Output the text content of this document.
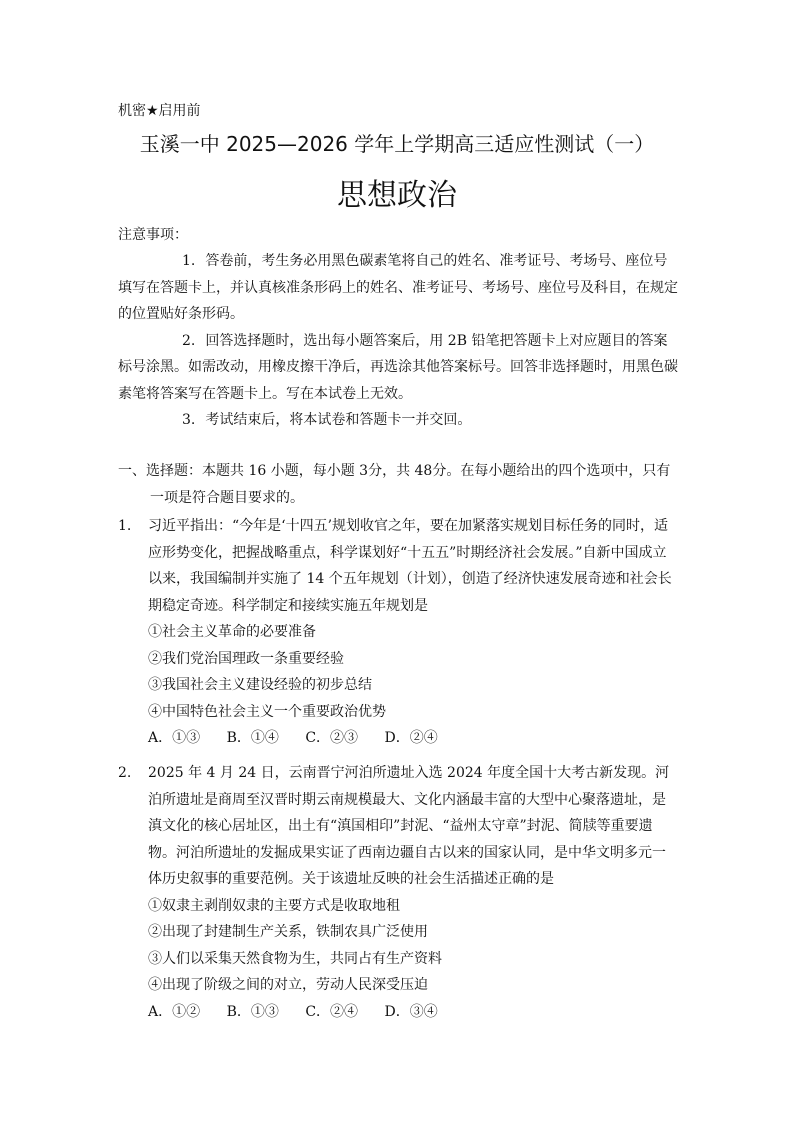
机密★启用前
玉溪一中 2025—2026 学年上学期高三适应性测试（一）
思想政治
注意事项：

1. 答卷前，考生务必用黑色碳素笔将自己的姓名、准考证号、考场号、座位号填写在答题卡上，并认真核准条形码上的姓名、准考证号、考场号、座位号及科目，在规定的位置贴好条形码。

2. 回答选择题时，选出每小题答案后，用 2B 铅笔把答题卡上对应题目的答案标号涂黑。如需改动，用橡皮擦干净后，再选涂其他答案标号。回答非选择题时，用黑色碳素笔将答案写在答题卡上。写在本试卷上无效。

3. 考试结束后，将本试卷和答题卡一并交回。

一、选择题：本题共 16 小题，每小题 3分，共 48分。在每小题给出的四个选项中，只有一项是符合题目要求的。
1. 习近平指出：“今年是‘十四五’规划收官之年，要在加紧落实规划目标任务的同时，适应形势变化，把握战略重点，科学谋划好“十五五”时期经济社会发展。”自新中国成立以来，我国编制并实施了 14 个五年规划（计划），创造了经济快速发展奇迹和社会长期稳定奇迹。科学制定和接续实施五年规划是
①社会主义革命的必要准备
②我们党治国理政一条重要经验
③我国社会主义建设经验的初步总结
④中国特色社会主义一个重要政治优势
A．①③ B．①④ C．②③ D．②④
2. 2025 年 4 月 24 日，云南晋宁河泊所遗址入选 2024 年度全国十大考古新发现。河泊所遗址是商周至汉晋时期云南规模最大、文化内涵最丰富的大型中心聚落遗址，是滇文化的核心居址区，出土有“滇国相印”封泥、“益州太守章”封泥、简牍等重要遗物。河泊所遗址的发掘成果实证了西南边疆自古以来的国家认同，是中华文明多元一体历史叙事的重要范例。关于该遗址反映的社会生活描述正确的是
①奴隶主剥削奴隶的主要方式是收取地租
②出现了封建制生产关系，铁制农具广泛使用
③人们以采集天然食物为生，共同占有生产资料
④出现了阶级之间的对立，劳动人民深受压迫
A．①② B．①③ C．②④ D．③④
